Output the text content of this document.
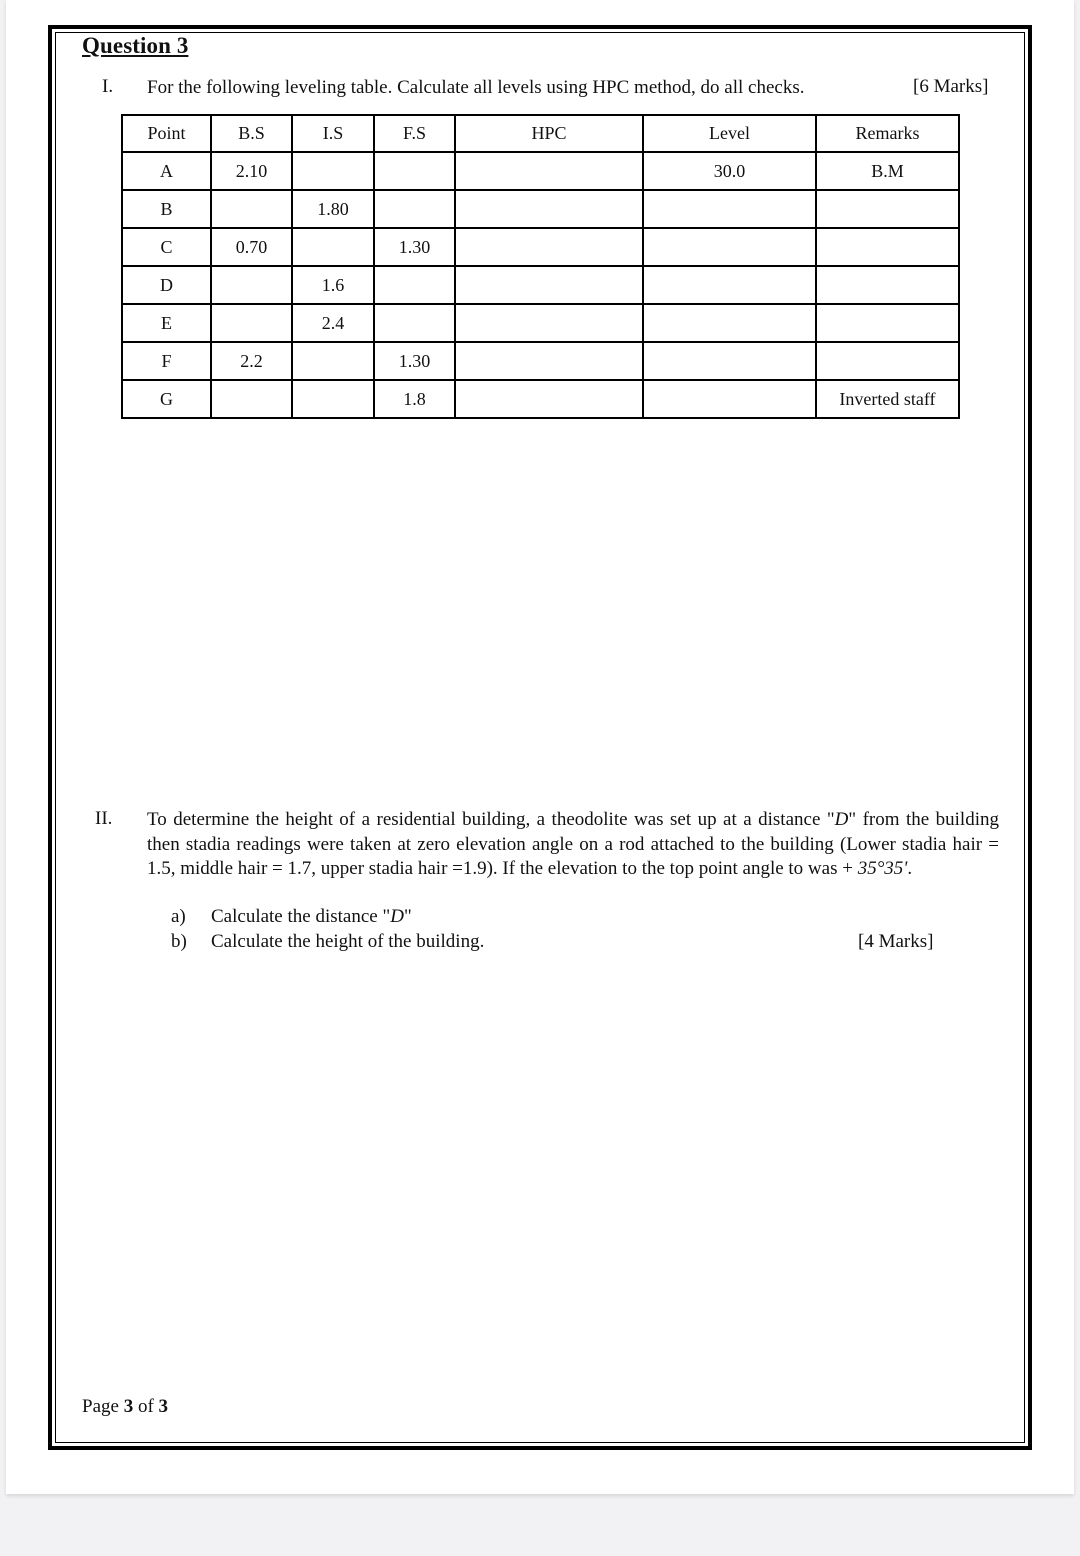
Question 3
I. For the following leveling table. Calculate all levels using HPC method, do all checks.	[6 Marks]
Point	B.S	I.S	F.S	HPC	Level	Remarks
A	2.10				30.0	B.M
B		1.80				
C	0.70		1.30			
D		1.6				
E		2.4				
F	2.2		1.30			
G			1.8			Inverted staff
II. To determine the height of a residential building, a theodolite was set up at a distance "D" from the building then stadia readings were taken at zero elevation angle on a rod attached to the building (Lower stadia hair = 1.5, middle hair = 1.7, upper stadia hair =1.9). If the elevation to the top point angle to was + 35°35'.
a) Calculate the distance "D"
b) Calculate the height of the building.	[4 Marks]
Page 3 of 3
